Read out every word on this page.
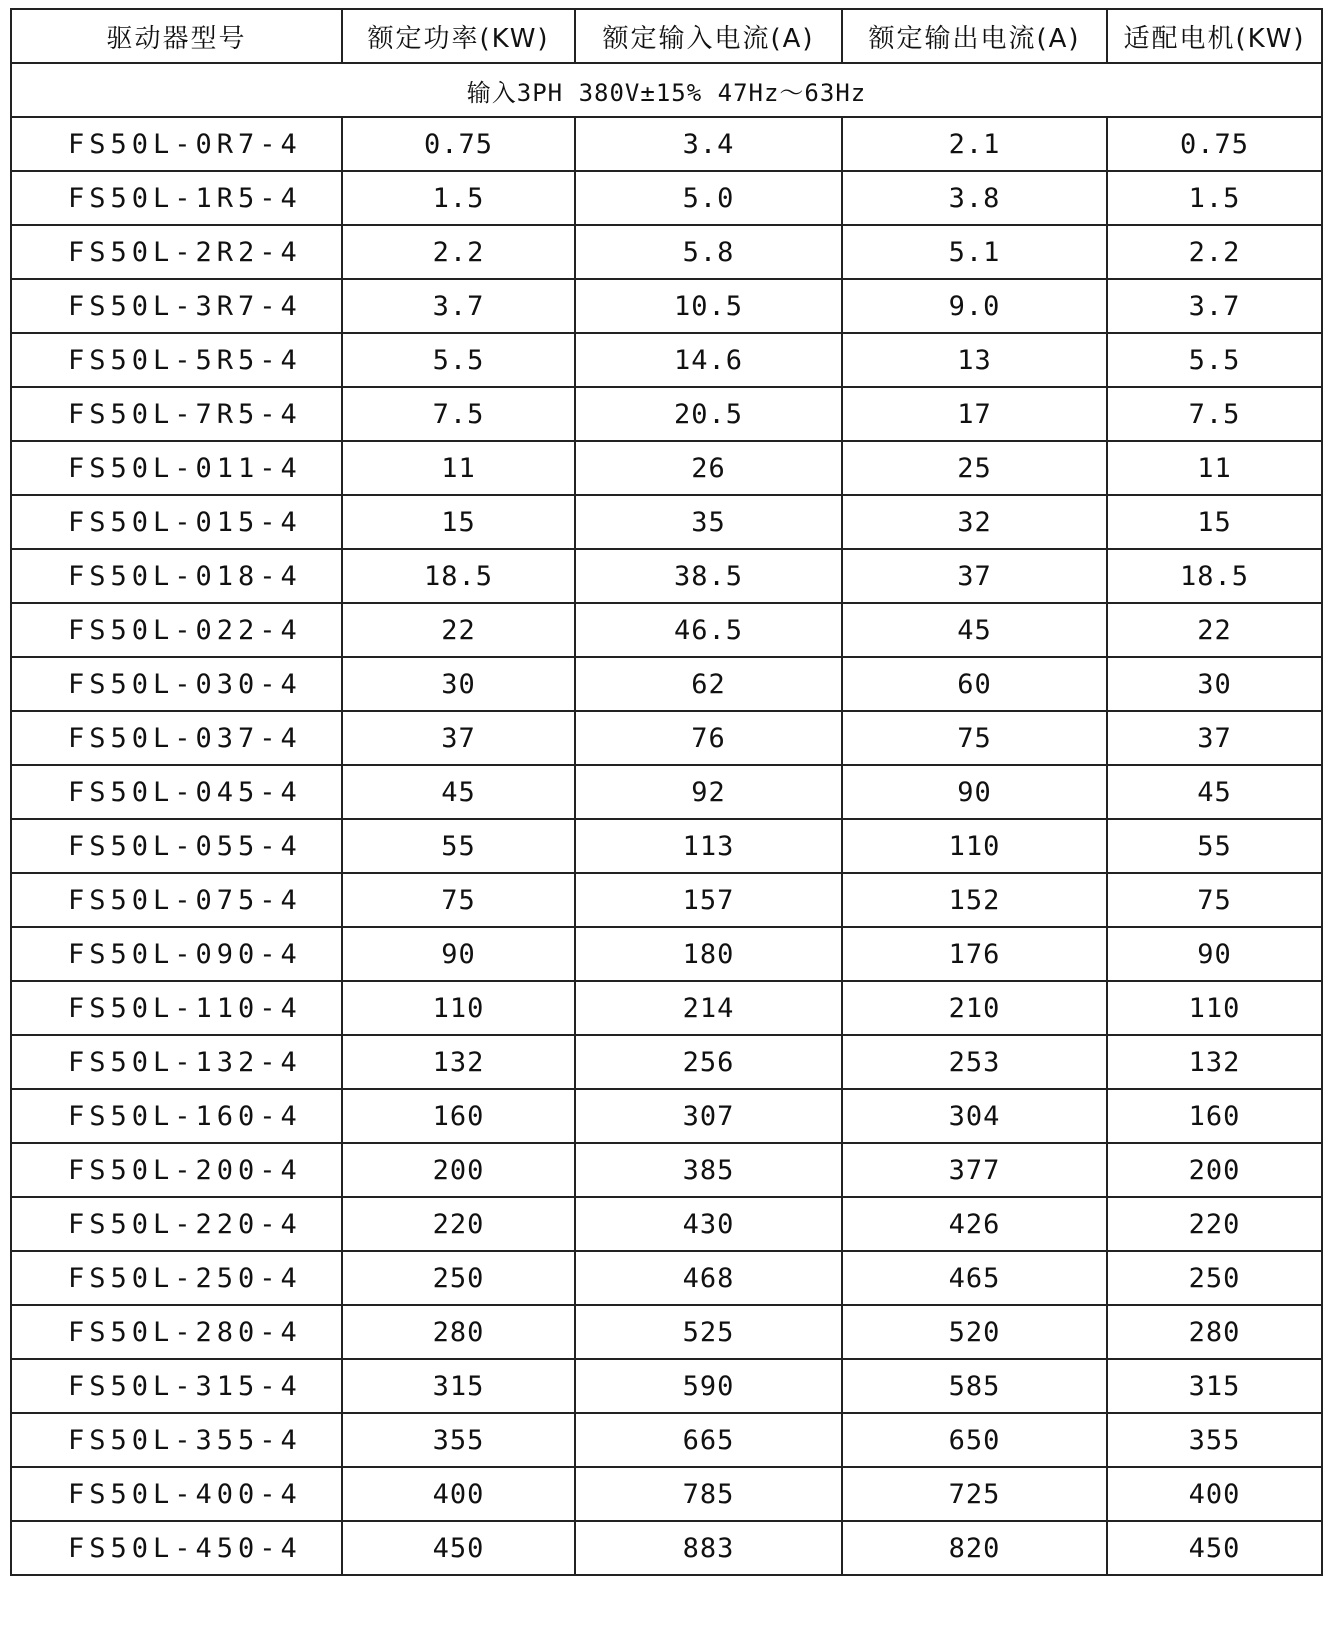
驱动器型号	额定功率(KW)	额定输入电流(A)	额定输出电流(A)	适配电机(KW)
输入3PH 380V±15% 47Hz～63Hz				
FS50L-0R7-4	0.75	3.4	2.1	0.75
FS50L-1R5-4	1.5	5.0	3.8	1.5
FS50L-2R2-4	2.2	5.8	5.1	2.2
FS50L-3R7-4	3.7	10.5	9.0	3.7
FS50L-5R5-4	5.5	14.6	13	5.5
FS50L-7R5-4	7.5	20.5	17	7.5
FS50L-011-4	11	26	25	11
FS50L-015-4	15	35	32	15
FS50L-018-4	18.5	38.5	37	18.5
FS50L-022-4	22	46.5	45	22
FS50L-030-4	30	62	60	30
FS50L-037-4	37	76	75	37
FS50L-045-4	45	92	90	45
FS50L-055-4	55	113	110	55
FS50L-075-4	75	157	152	75
FS50L-090-4	90	180	176	90
FS50L-110-4	110	214	210	110
FS50L-132-4	132	256	253	132
FS50L-160-4	160	307	304	160
FS50L-200-4	200	385	377	200
FS50L-220-4	220	430	426	220
FS50L-250-4	250	468	465	250
FS50L-280-4	280	525	520	280
FS50L-315-4	315	590	585	315
FS50L-355-4	355	665	650	355
FS50L-400-4	400	785	725	400
FS50L-450-4	450	883	820	450
